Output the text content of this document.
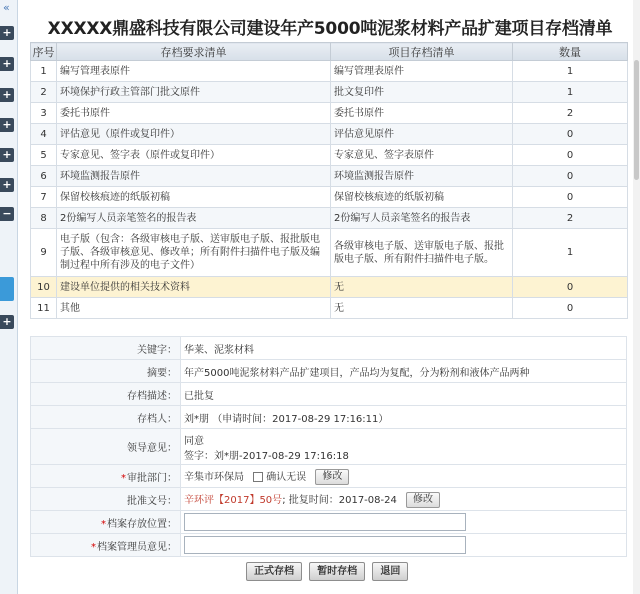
«
+
+
+
+
+
+
−
+
XXXXX鼎盛科技有限公司建设年产5000吨泥浆材料产品扩建项目存档清单
序号	存档要求清单	项目存档清单	数量
1	编写管理表原件	编写管理表原件	1
2	环境保护行政主管部门批文原件	批文复印件	1
3	委托书原件	委托书原件	2
4	评估意见（原件或复印件）	评估意见原件	0
5	专家意见、签字表（原件或复印件）	专家意见、签字表原件	0
6	环境监测报告原件	环境监测报告原件	0
7	保留校核痕迹的纸版初稿	保留校核痕迹的纸版初稿	0
8	2份编写人员亲笔签名的报告表	2份编写人员亲笔签名的报告表	2
9	电子版（包含：各级审核电子版、送审版电子版、报批版电子版、各级审核意见、修改单；所有附件扫描件电子版及编制过程中所有涉及的电子文件）	各级审核电子版、送审版电子版、报批版电子版、所有附件扫描件电子版。	1
10	建设单位提供的相关技术资料	无	0
11	其他	无	0
关键字：	华莱、泥浆材料
摘要：	年产5000吨泥浆材料产品扩建项目，产品均为复配，分为粉剂和液体产品两种
存档描述：	已批复
存档人：	刘*朋 （申请时间：2017-08-29 17:16:11）
领导意见：	同意
签字：刘*朋-2017-08-29 17:16:18

*审批部门：	辛集市环保局 确认无误 修改
批准文号：	辛环评【2017】50号; 批复时间：2017-08-24 修改
*档案存放位置：	
*档案管理员意见：	
正式存档 暂时存档 退回
